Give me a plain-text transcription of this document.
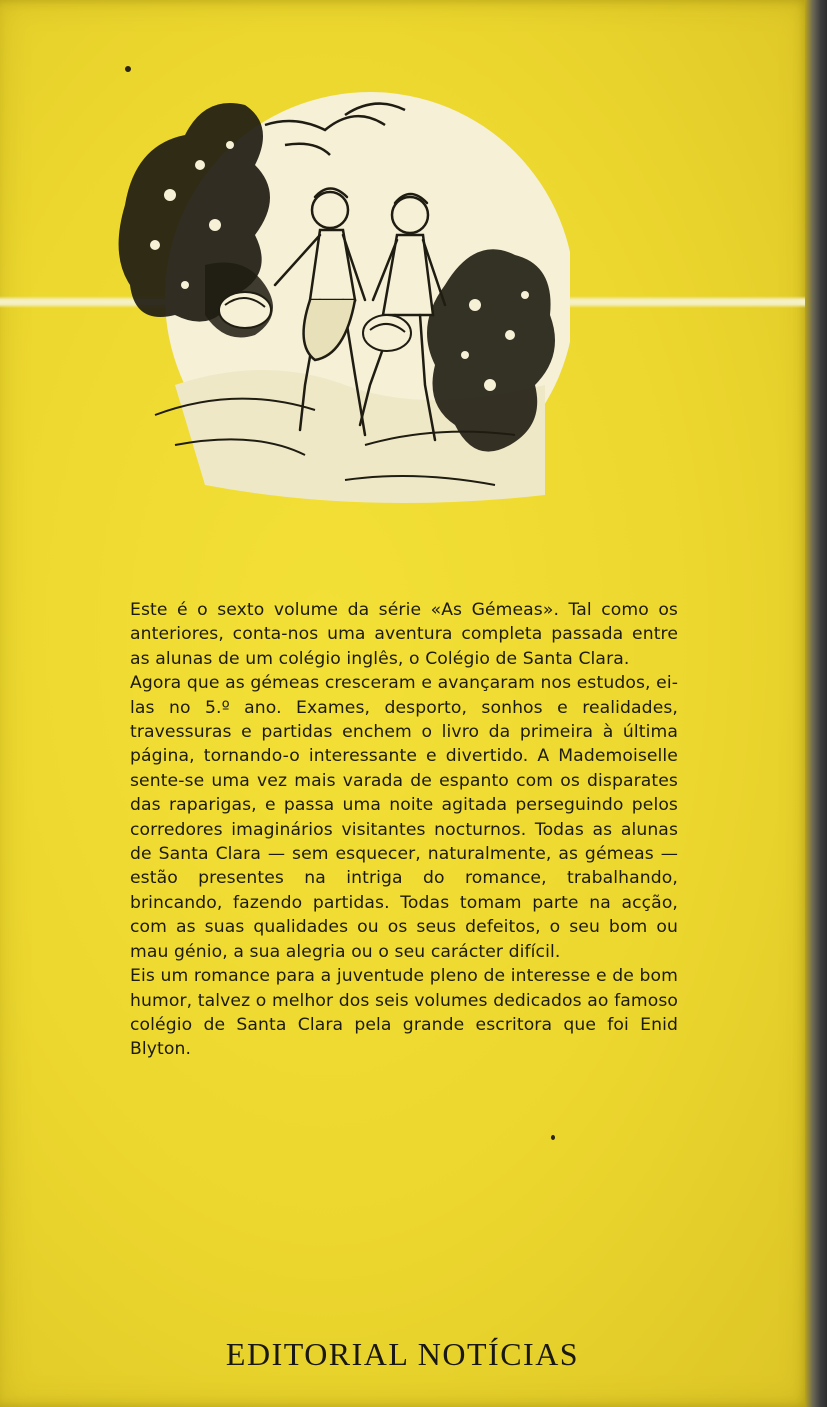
Este é o sexto volume da série «As Gémeas». Tal como os anteriores, conta-nos uma aventura completa passada entre as alunas de um colégio inglês, o Colégio de Santa Clara.

Agora que as gémeas cresceram e avançaram nos estudos, ei-las no 5.º ano. Exames, desporto, sonhos e realidades, travessuras e partidas enchem o livro da primeira à última página, tornando-o interessante e divertido. A Mademoiselle sente-se uma vez mais varada de espanto com os disparates das raparigas, e passa uma noite agitada perseguindo pelos corredores imaginários visitantes nocturnos. Todas as alunas de Santa Clara — sem esquecer, naturalmente, as gémeas — estão presentes na intriga do romance, trabalhando, brincando, fazendo partidas. Todas tomam parte na acção, com as suas qualidades ou os seus defeitos, o seu bom ou mau génio, a sua alegria ou o seu carácter difícil.

Eis um romance para a juventude pleno de interesse e de bom humor, talvez o melhor dos seis volumes dedicados ao famoso colégio de Santa Clara pela grande escritora que foi Enid Blyton.

EDITORIAL NOTÍCIAS
